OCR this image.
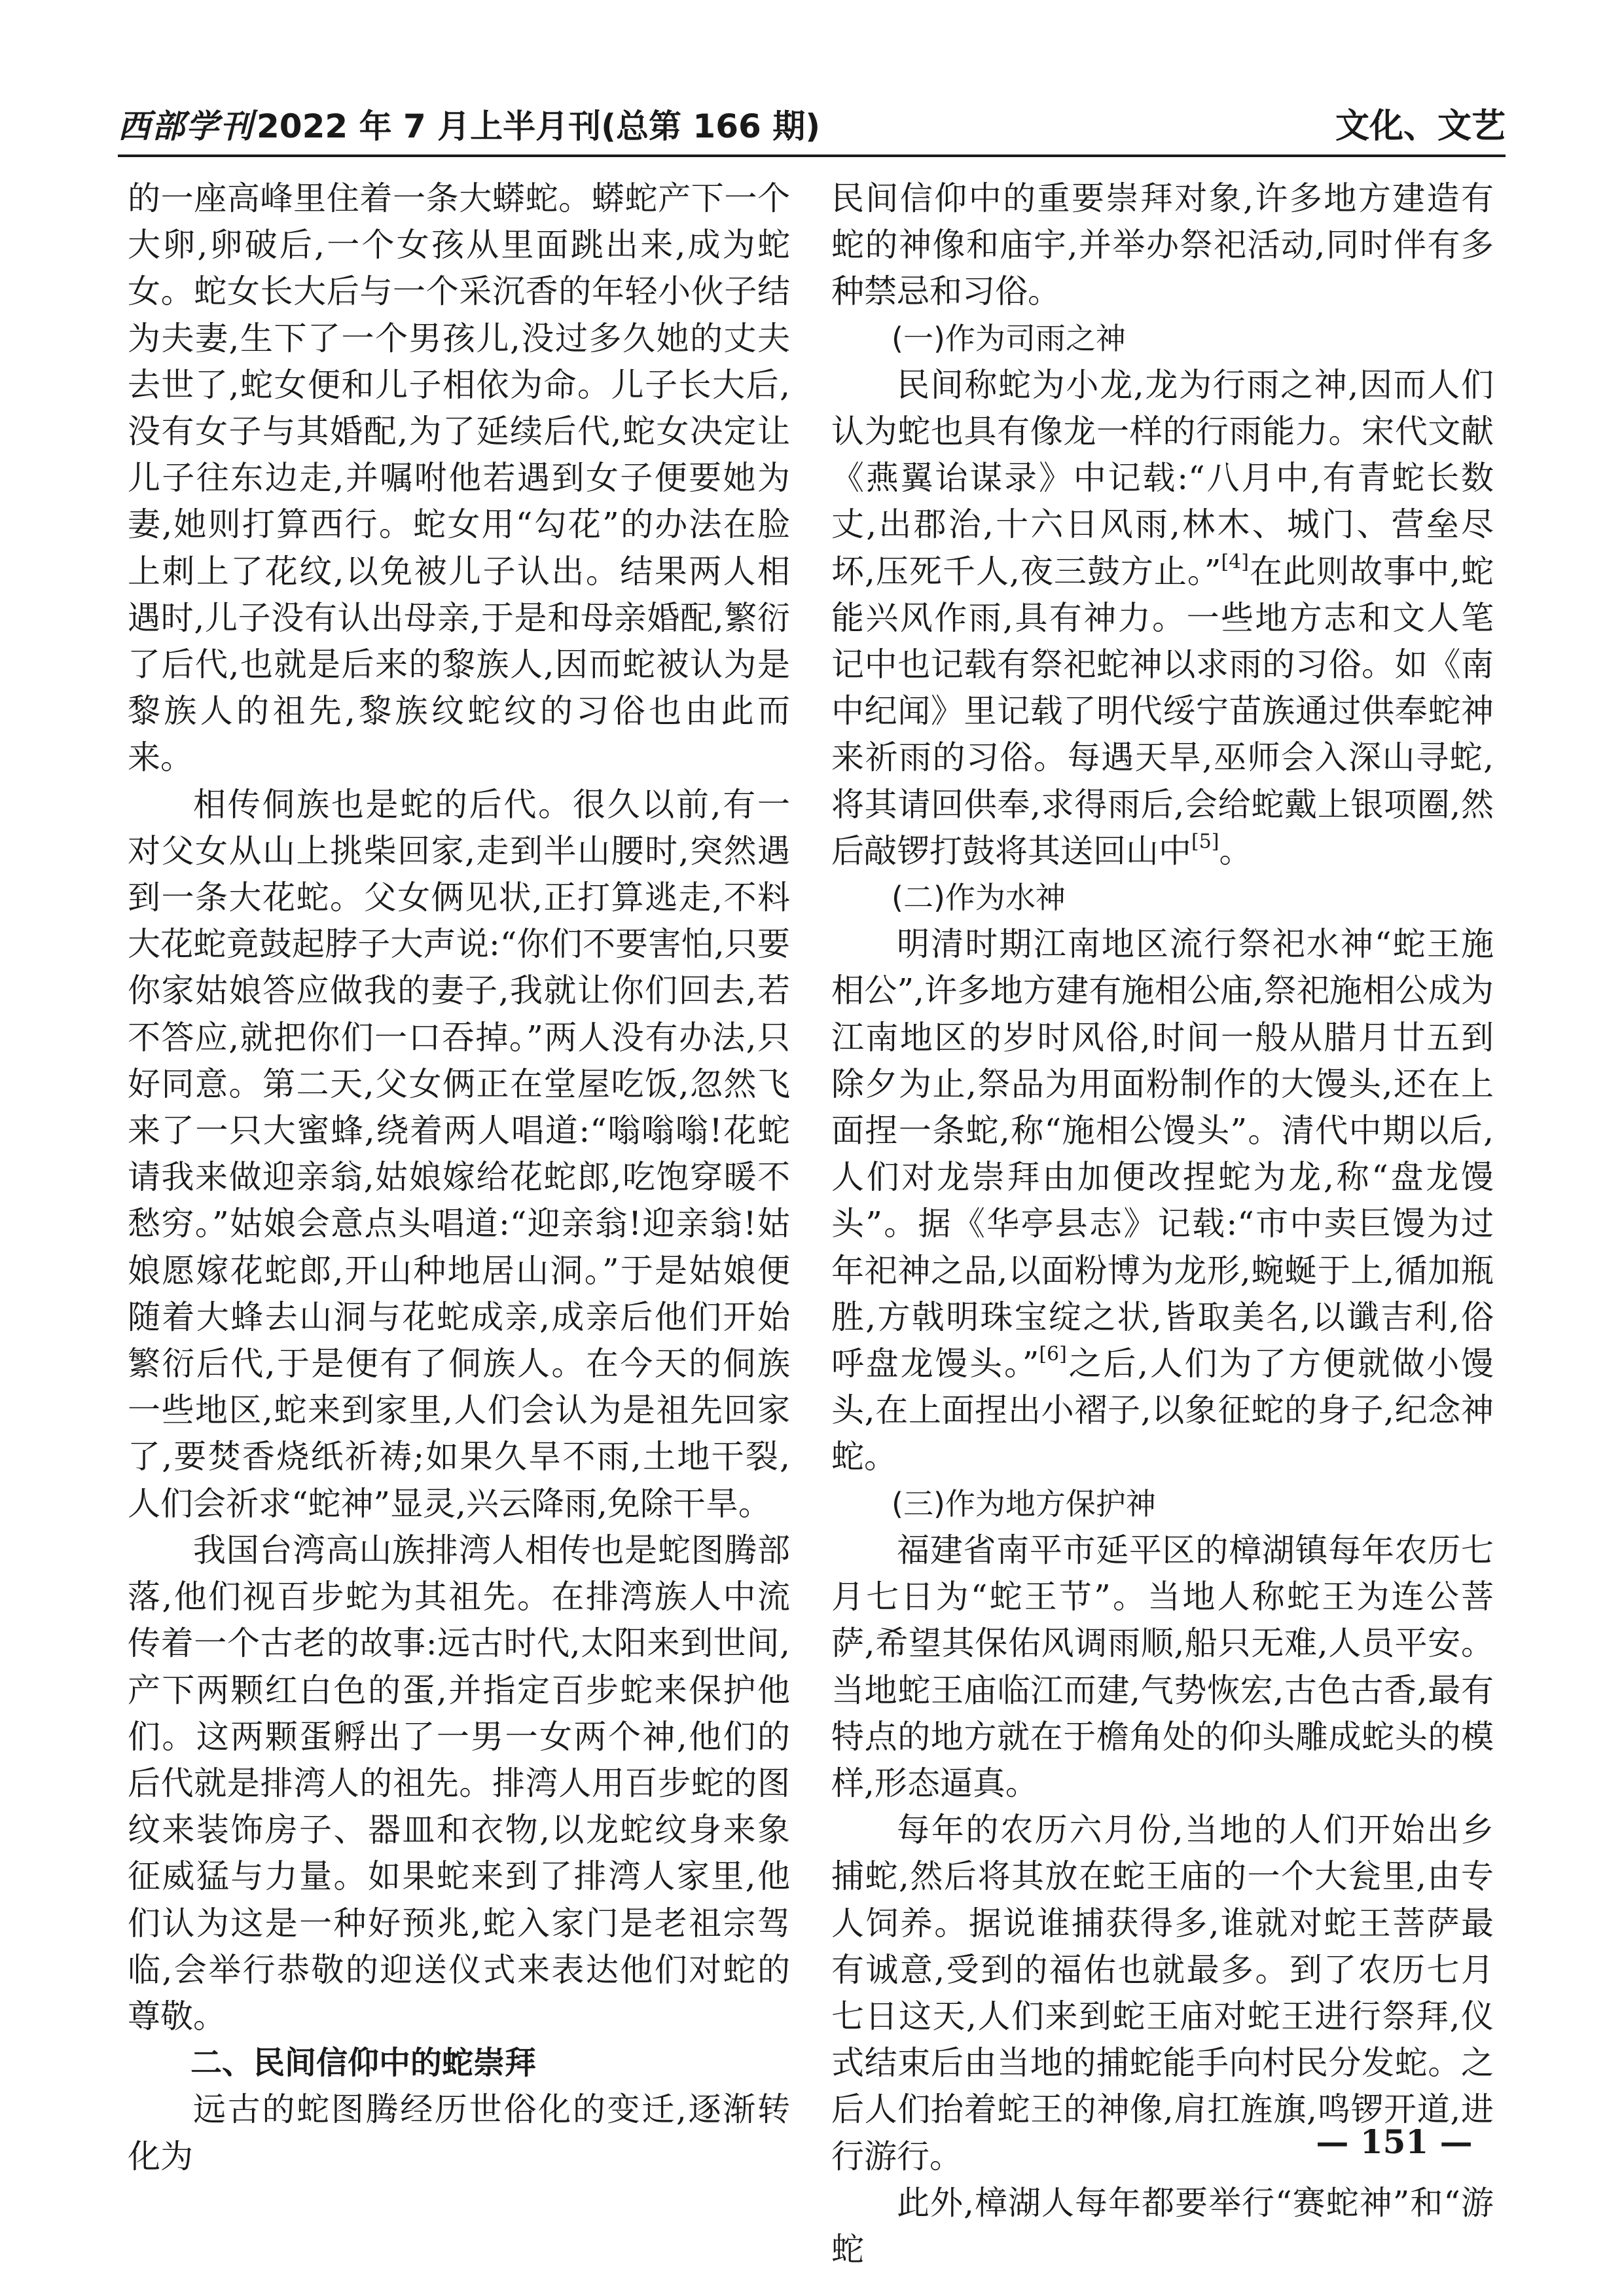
西部学刊2022 年 7 月上半月刊(总第 166 期)	文化、文艺

的一座高峰里住着一条大蟒蛇。蟒蛇产下一个大卵,卵破后,一个女孩从里面跳出来,成为蛇女。蛇女长大后与一个采沉香的年轻小伙子结为夫妻,生下了一个男孩儿,没过多久她的丈夫去世了,蛇女便和儿子相依为命。儿子长大后,没有女子与其婚配,为了延续后代,蛇女决定让儿子往东边走,并嘱咐他若遇到女子便要她为妻,她则打算西行。蛇女用“勾花”的办法在脸上刺上了花纹,以免被儿子认出。结果两人相遇时,儿子没有认出母亲,于是和母亲婚配,繁衍了后代,也就是后来的黎族人,因而蛇被认为是黎族人的祖先,黎族纹蛇纹的习俗也由此而来。

相传侗族也是蛇的后代。很久以前,有一对父女从山上挑柴回家,走到半山腰时,突然遇到一条大花蛇。父女俩见状,正打算逃走,不料大花蛇竟鼓起脖子大声说:“你们不要害怕,只要你家姑娘答应做我的妻子,我就让你们回去,若不答应,就把你们一口吞掉。”两人没有办法,只好同意。第二天,父女俩正在堂屋吃饭,忽然飞来了一只大蜜蜂,绕着两人唱道:“嗡嗡嗡!花蛇请我来做迎亲翁,姑娘嫁给花蛇郎,吃饱穿暖不愁穷。”姑娘会意点头唱道:“迎亲翁!迎亲翁!姑娘愿嫁花蛇郎,开山种地居山洞。”于是姑娘便随着大蜂去山洞与花蛇成亲,成亲后他们开始繁衍后代,于是便有了侗族人。在今天的侗族一些地区,蛇来到家里,人们会认为是祖先回家了,要焚香烧纸祈祷;如果久旱不雨,土地干裂,人们会祈求“蛇神”显灵,兴云降雨,免除干旱。

我国台湾高山族排湾人相传也是蛇图腾部落,他们视百步蛇为其祖先。在排湾族人中流传着一个古老的故事:远古时代,太阳来到世间,产下两颗红白色的蛋,并指定百步蛇来保护他们。这两颗蛋孵出了一男一女两个神,他们的后代就是排湾人的祖先。排湾人用百步蛇的图纹来装饰房子、器皿和衣物,以龙蛇纹身来象征威猛与力量。如果蛇来到了排湾人家里,他们认为这是一种好预兆,蛇入家门是老祖宗驾临,会举行恭敬的迎送仪式来表达他们对蛇的尊敬。

二、民间信仰中的蛇崇拜

远古的蛇图腾经历世俗化的变迁,逐渐转化为

民间信仰中的重要崇拜对象,许多地方建造有蛇的神像和庙宇,并举办祭祀活动,同时伴有多种禁忌和习俗。

(一)作为司雨之神

民间称蛇为小龙,龙为行雨之神,因而人们认为蛇也具有像龙一样的行雨能力。宋代文献《燕翼诒谋录》中记载:“八月中,有青蛇长数丈,出郡治,十六日风雨,林木、城门、营垒尽坏,压死千人,夜三鼓方止。”[4]在此则故事中,蛇能兴风作雨,具有神力。一些地方志和文人笔记中也记载有祭祀蛇神以求雨的习俗。如《南中纪闻》里记载了明代绥宁苗族通过供奉蛇神来祈雨的习俗。每遇天旱,巫师会入深山寻蛇,将其请回供奉,求得雨后,会给蛇戴上银项圈,然后敲锣打鼓将其送回山中[5]。

(二)作为水神

明清时期江南地区流行祭祀水神“蛇王施相公”,许多地方建有施相公庙,祭祀施相公成为江南地区的岁时风俗,时间一般从腊月廿五到除夕为止,祭品为用面粉制作的大馒头,还在上面捏一条蛇,称“施相公馒头”。清代中期以后,人们对龙崇拜由加便改捏蛇为龙,称“盘龙馒头”。据《华亭县志》记载:“市中卖巨馒为过年祀神之品,以面粉博为龙形,蜿蜒于上,循加瓶胜,方戟明珠宝绽之状,皆取美名,以谶吉利,俗呼盘龙馒头。”[6]之后,人们为了方便就做小馒头,在上面捏出小褶子,以象征蛇的身子,纪念神蛇。

(三)作为地方保护神

福建省南平市延平区的樟湖镇每年农历七月七日为“蛇王节”。当地人称蛇王为连公菩萨,希望其保佑风调雨顺,船只无难,人员平安。当地蛇王庙临江而建,气势恢宏,古色古香,最有特点的地方就在于檐角处的仰头雕成蛇头的模样,形态逼真。

每年的农历六月份,当地的人们开始出乡捕蛇,然后将其放在蛇王庙的一个大瓮里,由专人饲养。据说谁捕获得多,谁就对蛇王菩萨最有诚意,受到的福佑也就最多。到了农历七月七日这天,人们来到蛇王庙对蛇王进行祭拜,仪式结束后由当地的捕蛇能手向村民分发蛇。之后人们抬着蛇王的神像,肩扛旌旗,鸣锣开道,进行游行。

此外,樟湖人每年都要举行“赛蛇神”和“游蛇

— 151 —
